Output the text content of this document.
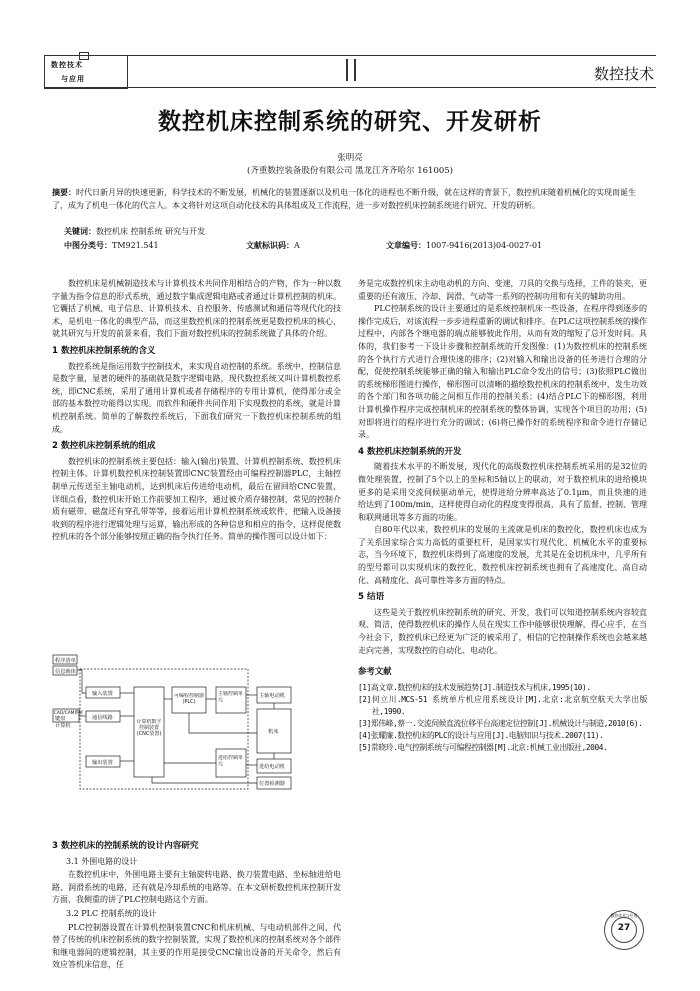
数控技术
与应用	数控技术
数控机床控制系统的研究、开发研析
张明亮
(齐重数控装备股份有限公司 黑龙江齐齐哈尔 161005)
摘要：时代日新月异的快速更新，科学技术的不断发展，机械化的装置逐渐以及机电一体化的进程也不断升级，就在这样的背景下，数控机床随着机械化的实现而诞生了，成为了机电一体化的代言人。本文将针对这项自动化技术的具体组成及工作流程，进一步对数控机床控制系统进行研究、开发的研析。
关键词：数控机床 控制系统 研究与开发
中图分类号：TM921.541	文献标识码：A	文章编号：1007-9416(2013)04-0027-01

数控机床是机械制造技术与计算机技术共同作用相结合的产物，作为一种以数字量为指令信息的形式系统，通过数字集成逻辑电路或者通过计算机控制的机床。它囊括了机械、电子信息、计算机技术、自控服务、传感测试和通信等现代化的技术，是机电一体化的典型产品，而这里数控机床的控制系统更是数控机床的核心，就其研究与开发的前景来看，我们下面对数控机床的控制系统做了具体的介绍。

1 数控机床控制系统的含义

数控系统是指运用数字控制技术，来实现自动控制的系统。系统中，控制信息是数字量，显著的硬件的基础就是数字逻辑电路，现代数控系统又叫计算机数控系统，即CNC系统，采用了通用计算机或者存储程序的专用计算机，使得部分或全部的基本数控功能得以实现。而软件和硬件共同作用下实现数控的系统，就是计算机控制系统。简单的了解数控系统后，下面我们研究一下数控机床控制系统的组成。

2 数控机床控制系统的组成

数控机床的控制系统主要包括：输入(输出)装置、计算机控制系统、数控机床控制主体。计算机数控机床控制装置即CNC装置经由可编程控制器PLC，主轴控制单元传送至主轴电动机，达到机床后传进给电动机，最后在留回给CNC装置，详细点看，数控机床开始工作前要加工程序，通过被介质存储控制，常见的控制介质有磁带、磁盘还有穿孔带等等，接着运用计算机控制系统或软件，把输入设备接收到的程序进行逻辑处理与运算，输出形成的各种信息和相应的指令，这样促使数控机床的各个部分能够按照正确的指令执行任务。简单的操作图可以设计如下：

程序清单
信息载体
输入装置
CAD/CAM系统
键盘
计算机
通信线路
输出装置
计算机数字控制装置(CNC装置)
可编程控制器(PLC)
主轴控制单元
进给控制单元
主轴电动机
机床
进给电动机
位置检测器
3 数控机床的控制系统的设计内容研究
3.1 外围电路的设计

在数控机床中，外围电路主要有主轴旋转电路、换刀装置电路、坐标轴进给电路、润滑系统的电路，还有就是冷却系统的电路等。在本文研析数控机床控制开发方面，我侧重的讲了PLC控制电路这个方面。

3.2 PLC 控制系统的设计

PLC控制器设置在计算机控制装置CNC和机床机械、与电动机部件之间，代替了传统的机床控制系统的数字控制装置，实现了数控机床的控制系统对各个部件和继电器间的逻辑控制，其主要的作用是接受CNC输出设备的开关命令，然后有效应答机床信息，任

务是完成数控机床主动电动机的方向、变速，刀具的交换与选择，工件的装夹，更重要的还有液压、冷却、润滑、气动等一系列的控制功用和有关的辅助功用。

PLC控制系统的设计主要通过的是系统控制机床一些设备，在程序得到逐步的操作完成后，对该流程一步步进程重新的调试和排序。在PLC这项控制系统的操作过程中，内部各个继电器的端点能够彼此作用，从而有效的缩短了总开发时间。具体的，我们参考一下设计步骤和控制系统的开发图像：(1)为数控机床的控制系统的各个执行方式进行合理快速的排序；(2)对输入和输出设备的任务进行合理的分配，促使控制系统能够正确的输入和输出PLC命令发出的信号；(3)依照PLC做出的系统梯形图进行操作，梯形图可以清晰的描绘数控机床的控制系统中，发生功效的各个部门和各项功能之间相互作用的控制关系；(4)结合PLC下的梯形图，利用计算机操作程序完成控制机床的控制系统的整体协调，实现各个项目的功用；(5)对即将进行的程序进行充分的调试；(6)将已操作好的系统程序和命令进行存储记录。

4 数控机床控制系统的开发

随着技术水平的不断发展，现代化的高级数控机床控制系统采用的是32位的微处理装置，控制了5个以上的坐标和5轴以上的联动，对于数控机床的进给模块更多的是采用交流伺候驱动单元，使得进给分辨率高达了0.1μm，而且快速的进给达到了100m/min，这样使得自动化的程度变得很高，具有了监督、控制、管理和联网通讯等多方面的功能。

自80年代以来，数控机床的发展的主流就是机床的数控化，数控机床也成为了关系国家综合实力高低的重要杠杆，是国家实行现代化、机械化水平的重要标志，当今环境下，数控机床得到了高速度的发展，尤其是在金切机床中，几乎所有的型号都可以实现机床的数控化，数控机床控制系统也拥有了高速度化、高自动化、高精度化、高可靠性等多方面的特点。

5 结语

这些是关于数控机床控制系统的研究、开发，我们可以知道控制系统内容较直观、简洁，使得数控机床的操作人员在现实工作中能够很快理解，得心应手，在当今社会下，数控机床已经更为广泛的被采用了，相信的它控制操作系统也会越来越走向完善，实现数控的自动化、电动化。

参考文献
[1]高文章.数控机床的技术发展趋势[J].制造技术与机床,1995(10).
[2]何立川.MCS-51 系统单片机应用系统设计[M].北京:北京航空航天大学出版社,1990.
[3]郑伟峰,蔡一.交流伺候直流位移平台高速定位控制[J].机械设计与制造,2010(6).
[4]张耀廉.数控机床的PLC的设计与应用[J].电脑知识与技术.2007(11).
[5]常晓玲.电气控制系统与可编程控制器[M].北京:机械工业出版社,2004.
数控技术与应用
27
